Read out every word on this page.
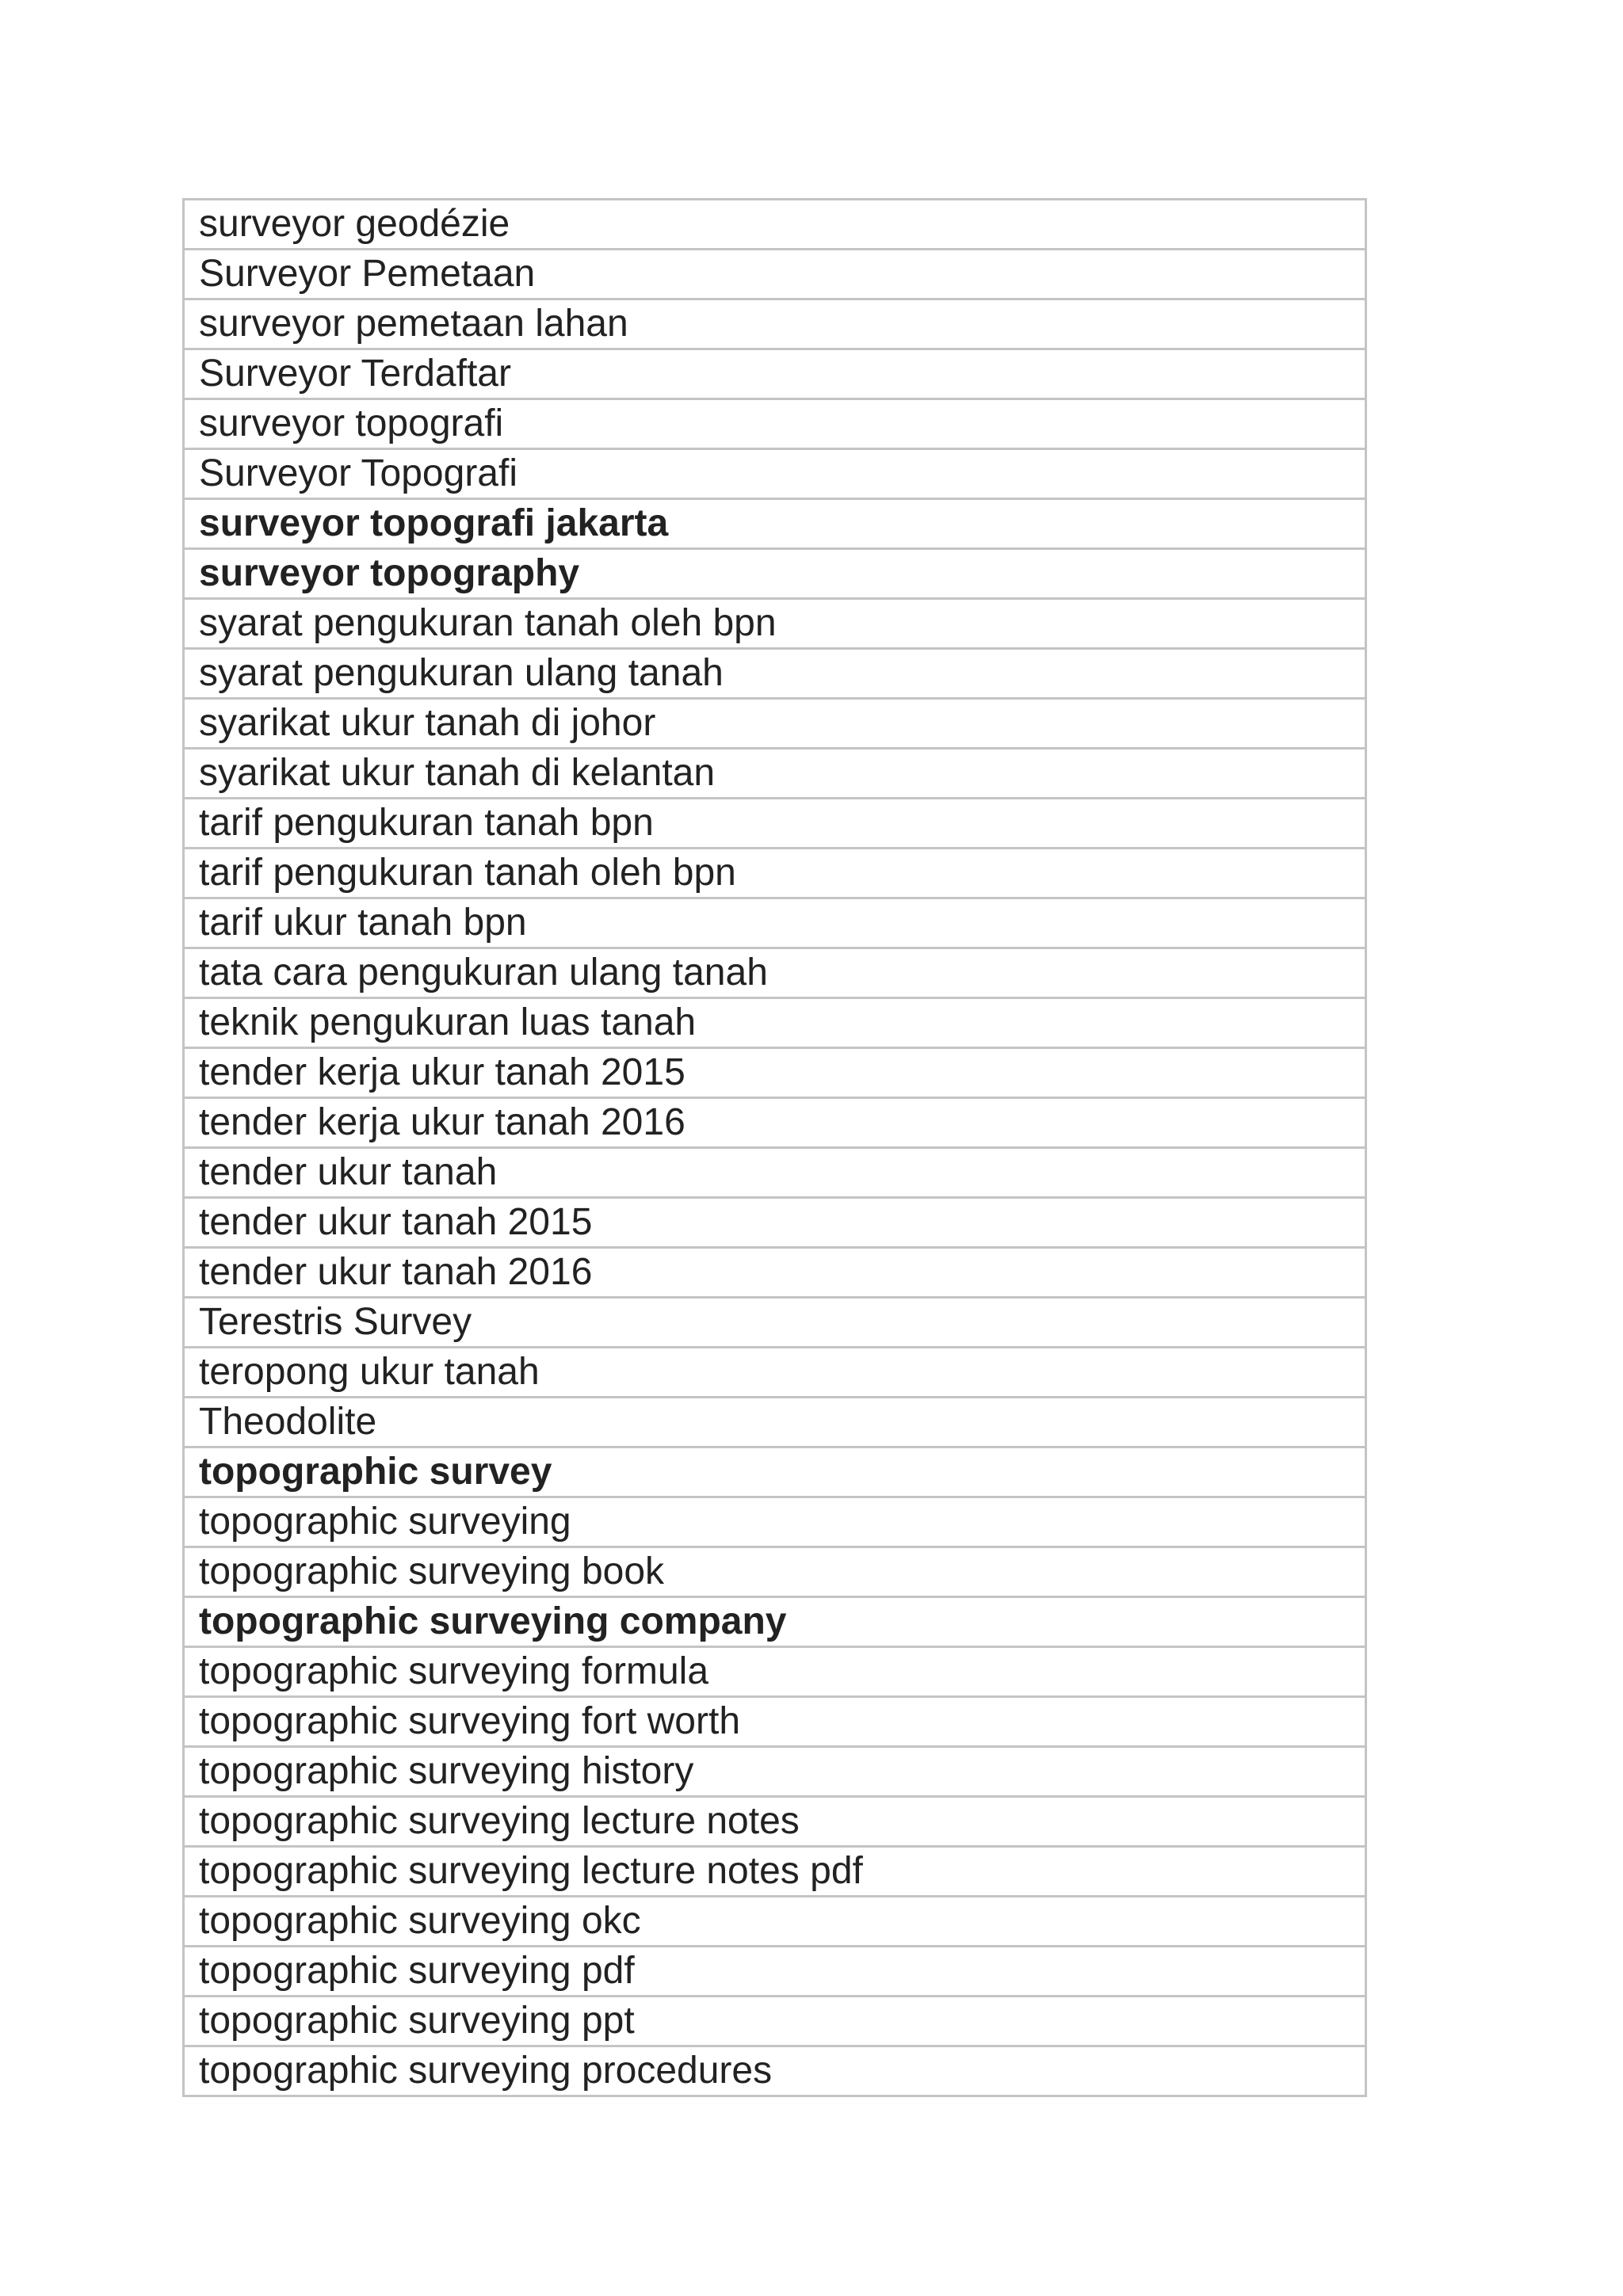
surveyor geodézie
Surveyor Pemetaan
surveyor pemetaan lahan
Surveyor Terdaftar
surveyor topografi
Surveyor Topografi
surveyor topografi jakarta
surveyor topography
syarat pengukuran tanah oleh bpn
syarat pengukuran ulang tanah
syarikat ukur tanah di johor
syarikat ukur tanah di kelantan
tarif pengukuran tanah bpn
tarif pengukuran tanah oleh bpn
tarif ukur tanah bpn
tata cara pengukuran ulang tanah
teknik pengukuran luas tanah
tender kerja ukur tanah 2015
tender kerja ukur tanah 2016
tender ukur tanah
tender ukur tanah 2015
tender ukur tanah 2016
Terestris Survey
teropong ukur tanah
Theodolite
topographic survey
topographic surveying
topographic surveying book
topographic surveying company
topographic surveying formula
topographic surveying fort worth
topographic surveying history
topographic surveying lecture notes
topographic surveying lecture notes pdf
topographic surveying okc
topographic surveying pdf
topographic surveying ppt
topographic surveying procedures
